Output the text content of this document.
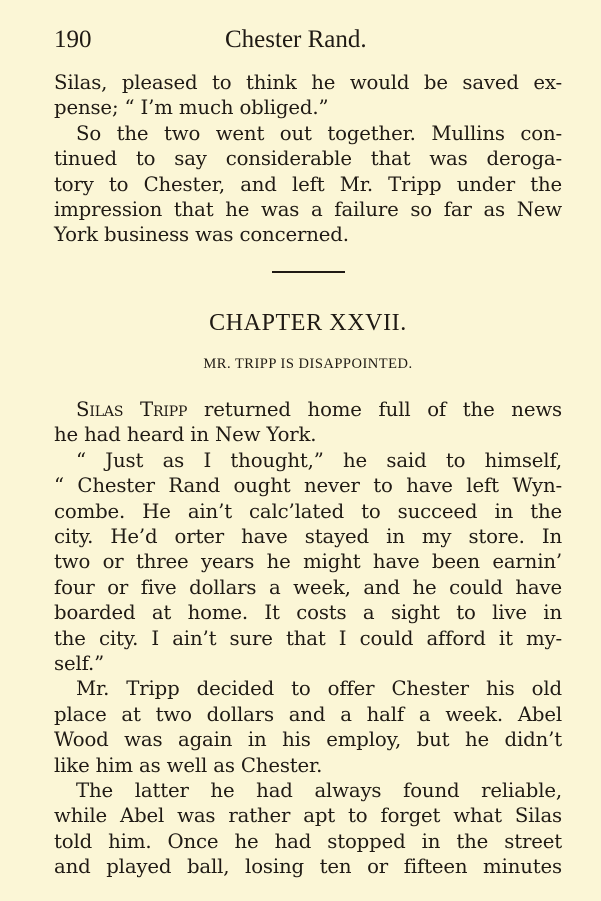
190	Chester Rand.
Silas, pleased to think he would be saved ex-
pense; “ I’m much obliged.”
So the two went out together. Mullins con-
tinued to say considerable that was deroga-
tory to Chester, and left Mr. Tripp under the
impression that he was a failure so far as New
York business was concerned.
CHAPTER XXVII.
MR. TRIPP IS DISAPPOINTED.
Silas Tripp returned home full of the news
he had heard in New York.
“ Just as I thought,” he said to himself,
“ Chester Rand ought never to have left Wyn-
combe. He ain’t calc’lated to succeed in the
city. He’d orter have stayed in my store. In
two or three years he might have been earnin’
four or five dollars a week, and he could have
boarded at home. It costs a sight to live in
the city. I ain’t sure that I could afford it my-
self.”
Mr. Tripp decided to offer Chester his old
place at two dollars and a half a week. Abel
Wood was again in his employ, but he didn’t
like him as well as Chester.
The latter he had always found reliable,
while Abel was rather apt to forget what Silas
told him. Once he had stopped in the street
and played ball, losing ten or fifteen minutes
